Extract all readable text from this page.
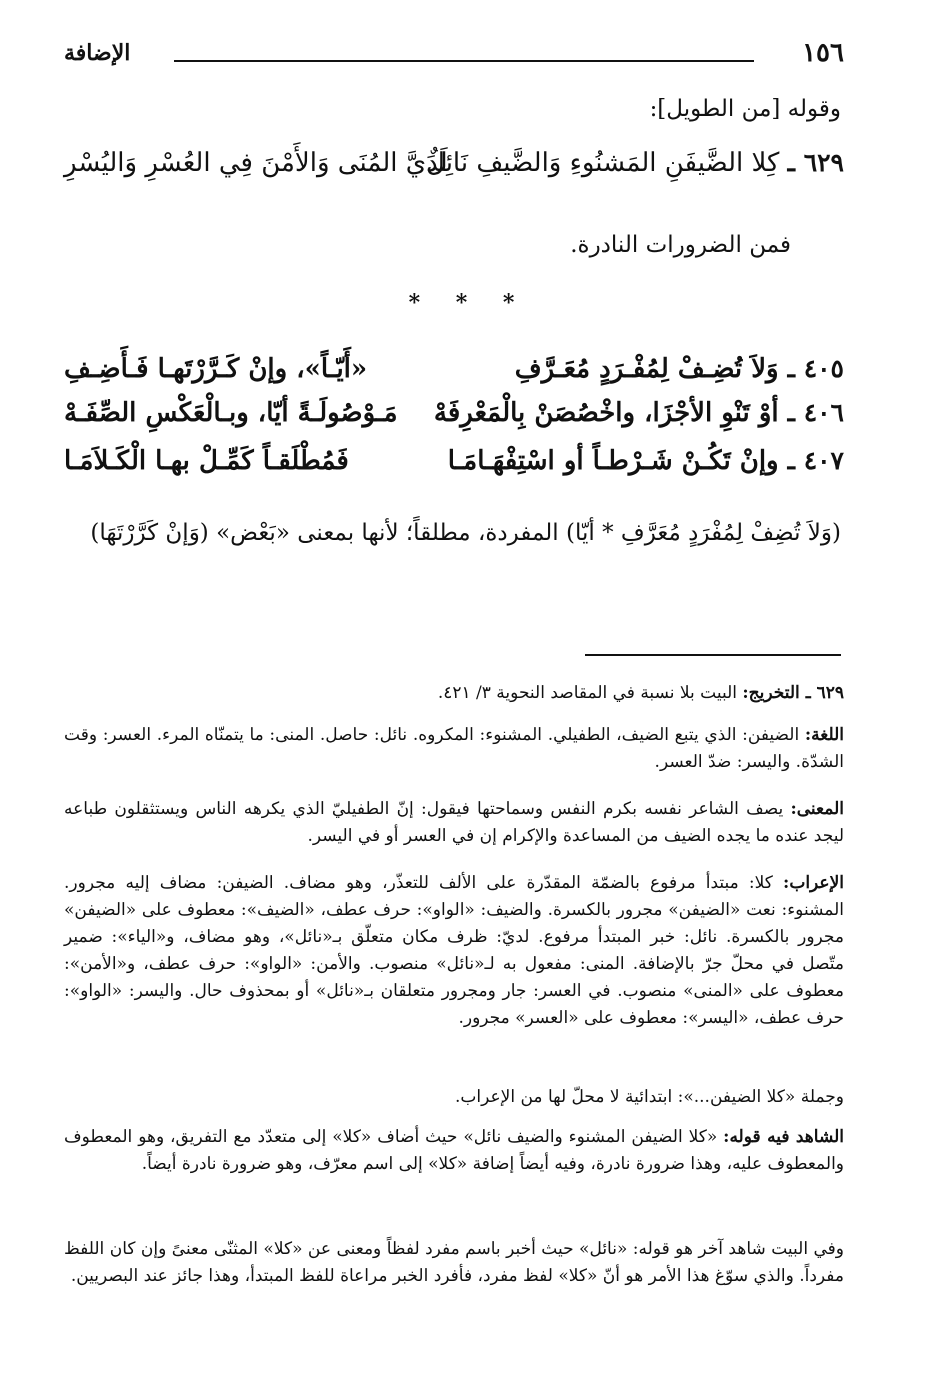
١٥٦
الإضافة
وقوله [من الطويل]:
٦٢٩ ـ كِلا الضَّيفَنِ المَشنُوءِ وَالضَّيفِ نَائِلٌ
لَدَيَّ المُنَى وَالأَمْنَ فِي العُسْرِ وَاليُسْرِ
فمن الضرورات النادرة.
* * *
٤٠٥ ـ وَلاَ تُضِـفْ لِمُفْـرَدٍ مُعَـرَّفِ
«أَيّـاً»، وإنْ كَـرَّرْتَهـا فَـأَضِـفِ
٤٠٦ ـ أوْ تَنْوِ الأجْزَا، واخْصُصَنْ بِالْمَعْرِفَهْ
مَـوْصُولَـةً أيّا، وبـالْعَكْسِ الصِّفَـهْ
٤٠٧ ـ وإنْ تَكُـنْ شَـرْطـاً أو اسْتِفْهَـامَـا
فَمُطْلَقـاً كَمِّـلْ بهـا الْكَـلاَمَـا
(وَلاَ تُضِفْ لِمُفْرَدٍ مُعَرَّفِ * أيّا) المفردة، مطلقاً؛ لأنها بمعنى «بَعْض» (وَإنْ كَرَّرْتَهَا)
٦٢٩ ـ التخريج: البيت بلا نسبة في المقاصد النحوية ٣/ ٤٢١.
اللغة: الضيفن: الذي يتبع الضيف، الطفيلي. المشنوء: المكروه. نائل: حاصل. المنى: ما يتمنّاه المرء. العسر: وقت الشدّة. واليسر: ضدّ العسر.
المعنى: يصف الشاعر نفسه بكرم النفس وسماحتها فيقول: إنّ الطفيليّ الذي يكرهه الناس ويستثقلون طباعه ليجد عنده ما يجده الضيف من المساعدة والإكرام إن في العسر أو في اليسر.
الإعراب: كلا: مبتدأ مرفوع بالضمّة المقدّرة على الألف للتعذّر، وهو مضاف. الضيفن: مضاف إليه مجرور. المشنوء: نعت «الضيفن» مجرور بالكسرة. والضيف: «الواو»: حرف عطف، «الضيف»: معطوف على «الضيفن» مجرور بالكسرة. نائل: خبر المبتدأ مرفوع. لديّ: ظرف مكان متعلّق بـ«نائل»، وهو مضاف، و«الياء»: ضمير متّصل في محلّ جرّ بالإضافة. المنى: مفعول به لـ«نائل» منصوب. والأمن: «الواو»: حرف عطف، و«الأمن»: معطوف على «المنى» منصوب. في العسر: جار ومجرور متعلقان بـ«نائل» أو بمحذوف حال. واليسر: «الواو»: حرف عطف، «اليسر»: معطوف على «العسر» مجرور.
وجملة «كلا الضيفن...»: ابتدائية لا محلّ لها من الإعراب.
الشاهد فيه قوله: «كلا الضيفن المشنوء والضيف نائل» حيث أضاف «كلا» إلى متعدّد مع التفريق، وهو المعطوف والمعطوف عليه، وهذا ضرورة نادرة، وفيه أيضاً إضافة «كلا» إلى اسم معرّف، وهو ضرورة نادرة أيضاً.
وفي البيت شاهد آخر هو قوله: «نائل» حيث أخبر باسم مفرد لفظاً ومعنى عن «كلا» المثنّى معنىً وإن كان اللفظ مفرداً. والذي سوّغ هذا الأمر هو أنّ «كلا» لفظ مفرد، فأفرد الخبر مراعاة للفظ المبتدأ، وهذا جائز عند البصريين.
